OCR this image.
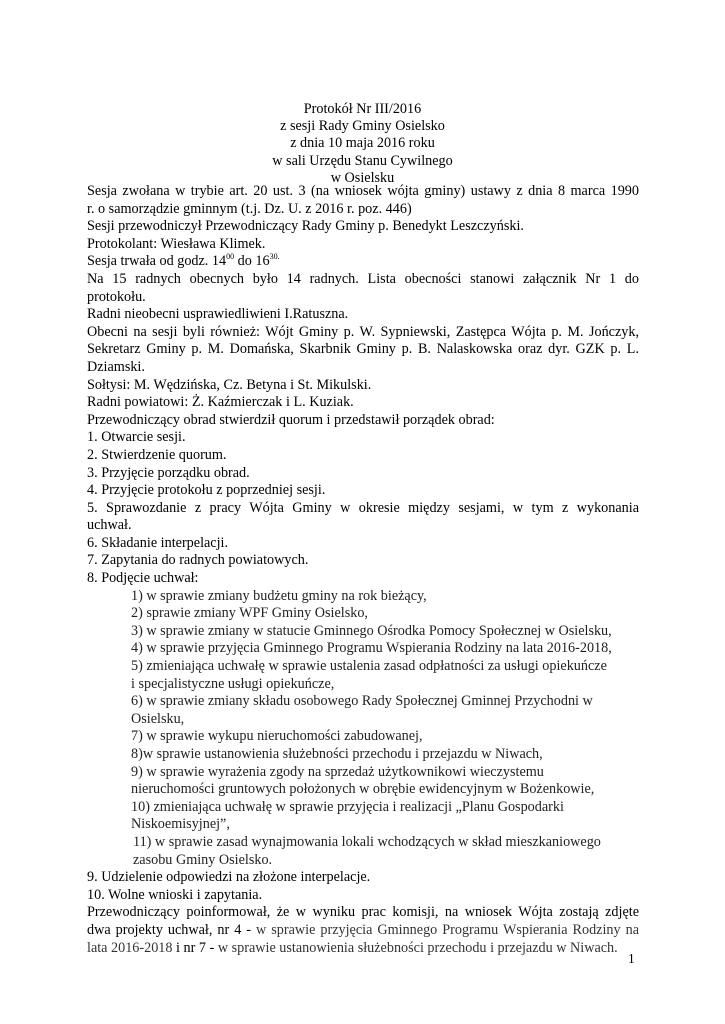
Protokół Nr III/2016
z sesji Rady Gminy Osielsko
z dnia 10 maja 2016 roku
w sali Urzędu Stanu Cywilnego
w Osielsku
Sesja zwołana w trybie art. 20 ust. 3 (na wniosek wójta gminy) ustawy z dnia 8 marca 1990
r. o samorządzie gminnym (t.j. Dz. U. z 2016 r. poz. 446)
Sesji przewodniczył Przewodniczący Rady Gminy p. Benedykt Leszczyński.
Protokolant: Wiesława Klimek.
Sesja trwała od godz. $14^{00}$ do $16^{30.}$
Na 15 radnych obecnych było 14 radnych. Lista obecności stanowi załącznik Nr 1 do
protokołu.
Radni nieobecni usprawiedliwieni I.Ratuszna.
Obecni na sesji byli również: Wójt Gminy p. W. Sypniewski, Zastępca Wójta p. M. Jończyk,
Sekretarz Gminy p. M. Domańska, Skarbnik Gminy p. B. Nalaskowska oraz dyr. GZK p. L.
Dziamski.
Sołtysi: M. Wędzińska, Cz. Betyna i St. Mikulski.
Radni powiatowi: Ż. Kaźmierczak i L. Kuziak.
Przewodniczący obrad stwierdził quorum i przedstawił porządek obrad:
1. Otwarcie sesji.
2. Stwierdzenie quorum.
3. Przyjęcie porządku obrad.
4. Przyjęcie protokołu z poprzedniej sesji.
5. Sprawozdanie z pracy Wójta Gminy w okresie między sesjami, w tym z wykonania
uchwał.
6. Składanie interpelacji.
7. Zapytania do radnych powiatowych.
8. Podjęcie uchwał:
1) w sprawie zmiany budżetu gminy na rok bieżący,
2) sprawie zmiany WPF Gminy Osielsko,
3) w sprawie zmiany w statucie Gminnego Ośrodka Pomocy Społecznej w Osielsku,
4) w sprawie przyjęcia Gminnego Programu Wspierania Rodziny na lata 2016-2018,
5) zmieniająca uchwałę w sprawie ustalenia zasad odpłatności za usługi opiekuńcze
i specjalistyczne usługi opiekuńcze,
6) w sprawie zmiany składu osobowego Rady Społecznej Gminnej Przychodni w
Osielsku,
7) w sprawie wykupu nieruchomości zabudowanej,
8)w sprawie ustanowienia służebności przechodu i przejazdu w Niwach,
9) w sprawie wyrażenia zgody na sprzedaż użytkownikowi wieczystemu
nieruchomości gruntowych położonych w obrębie ewidencyjnym w Bożenkowie,
10) zmieniająca uchwałę w sprawie przyjęcia i realizacji „Planu Gospodarki
Niskoemisyjnej”,
11) w sprawie zasad wynajmowania lokali wchodzących w skład mieszkaniowego
zasobu Gminy Osielsko.
9. Udzielenie odpowiedzi na złożone interpelacje.
10. Wolne wnioski i zapytania.
Przewodniczący poinformował, że w wyniku prac komisji, na wniosek Wójta zostają zdjęte
dwa projekty uchwał, nr 4 - w sprawie przyjęcia Gminnego Programu Wspierania Rodziny na
lata 2016-2018 i nr 7 - w sprawie ustanowienia służebności przechodu i przejazdu w Niwach.
1
